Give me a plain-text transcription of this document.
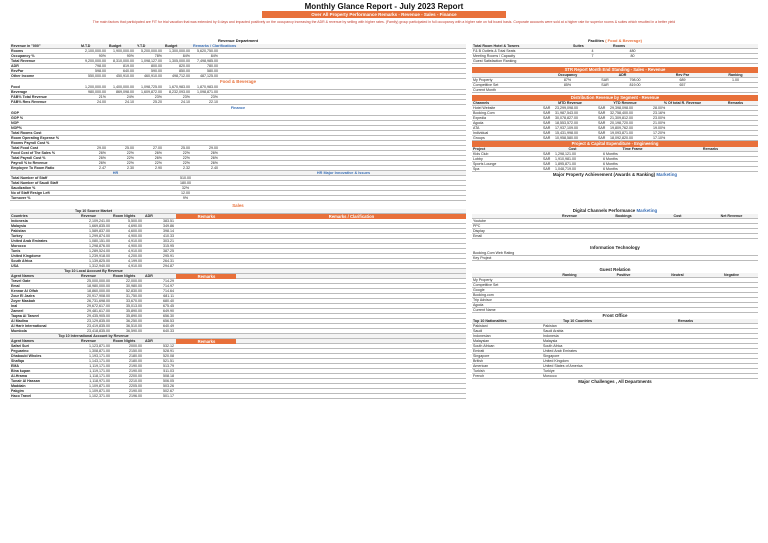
Monthly Glance Report - July 2023 Report
Over All Property Performance Remarks - Revenue - Sales - Finance
The main factors that participated are FIT for trial vacation that was extended by 6 days and impacted positively on the occupancy increasing the ADR & revenue by selling with higher rates. (Family) group participated in full occupancy with a higher rate on full board basis. Corporate accounts were sold at a higher rate for superior rooms & suites which resulted in a better yield
Revenue Department	Facilites ( Food & Beverage)
Revenue in "000"	M.T.D	Budget	Y.T.D	Budget	Remarks / Clarifications
Rooms	2,100,000.00	1,900,000.00	5,200,000.00	1,300,000.00	5,620,750.00
Occupancy %	90%	90%	78%	84%	84%
Total Revenue	9,200,000.00	8,310,000.00	1,098,127.00	1,305,000.00	7,498,985.00
ADR	798.00	819.00	800.00	820.00	780.00
RevPar	598.00	640.00	590.00	850.00	580.00
Other Income	550,000.00	450,910.00	460,910.00	498,712.00	487,125.00
Food & Beverage
Food	1,200,000.00	1,400,000.00	1,098,725.00	1,670,983.00	1,870,983.00
Beverage	980,000.00	869,098.00	1,609,872.00	8,232,093.00	1,098,871.00
F&B% Total Revenue	21%	24%	23%	23%	23%
F&B% Rms Revenue	24.00	24.10	25.20	24.10	22.10
Finance
GOP
GOP %
NOP
NOP%
Total Rooms Cost
Room Operating Expense %
Rooms Payroll Cost %
Total Food Cost	29.00	25.00	27.00	25.00	29.00
Food Cost of The Sales %	26%	22%	26%	22%	26%
Total Payroll Cost %	26%	22%	26%	22%	26%
Payroll % to Revenue	26%	22%	22%	22%	26%
Employee To Room Ratio	2.47	2.30	2.90	2.32	2.40
HR	HR Major Innovative & Issues
Total Number of Staff	510.00
Total Number of Saudi Staff	180.00
Saudization %	32%
No of Staff Resign Left	12.00
Turnover %	9%
Sales
Top 10 Source Market
Countries	Revenue	Room Nights	ADR	Remarks	Remarks / Clarification
Indonesia	2,109,241.00	5,500.00	383.51
Malaysia	1,669,835.00	4,690.00	349.86
Pakistan	1,589,837.00	4,600.00	398.14
Turkey	1,299,874.00	4,900.00	410.33
United Arab Emirates	1,080,151.00	4,910.00	303.21
Morocco	1,298,876.00	4,900.00	315.95
Tunis	1,289,524.00	4,910.00	387.25
United Kingdome	1,239,918.00	4,200.00	295.91
South Africa	1,139,825.00	4,199.00	264.31
USA	1,312,940.00	4,910.00	294.87
Top 10 Local Account By Revenue
Agent Names	Revenue	Room Nights	ADR	Remarks
Travel Gate	25,000,000.00	22,000.00	714.29
Emal	18,980,000.00	30,980.00	714.97
Kennar Al Olfah	18,860,000.00	52,830.00	714.64
Zour El Jazira	20,917,908.00	31,750.00	681.11
Zoyer Masbah	26,731,698.00	33,670.00	680.40
Inal	29,672,617.00	35,013.00	675.45
Zameel	29,481,617.00	35,890.00	649.90
Taqwa Al Taweel	29,435,905.00	35,890.00	656.30
Al Madina	23,129,835.00	36,250.00	656.53
Al Harir International	23,419,835.00	36,510.00	640.49
Mumbola	23,418,835.00	36,590.00	640.33
Top 10 International Account by Revenue
Agent Names	Revenue	Room Nights	ADR	Remarks
Safari Suri	1,123,871.00	2000.00	532.12
Peguarino	1,308,871.00	2150.00	528.91
Dhaboubi Wholes	1,193,171.00	2180.00	520.08
Shafiqa	1,143,171.00	2180.00	521.51
EMA	1,119,171.00	2190.00	513.79
Bina kupan	1,119,171.00	2190.00	511.03
Al-Hrama	1,118,171.00	2200.00	508.18
Tunair Al Hassan	1,118,971.00	2210.00	506.05
Maddain	1,109,871.00	2205.00	503.26
Pakgim	1,109,871.00	2190.00	502.67
Haco Travel	1,102,371.00	2196.00	501.17
Total Room Hotel & Towers	Suites	Rooms
F& B Outlets & Total Seats	4	480
Meeting Rooms / Capacity	7	80
Guest Satisfaction Ranking
STR Report Month End Standing - Sales - Revenue
Occupancy	ADR	Rev Par	Ranking
My Property	87%	SAR	798.00	689	1.00
Competitive Set	85%	SAR	819.00	657
Current Month
Distribution Revenue by Segment - Revenue
Channels	MTD Revenue	YTD Revenue	% Of total R. Revenue	Remarks
Hotel Website	SAR	23,299,098.00	SAR	29,398,098.00	28.00%
Booking.Com	SAR	31,987,543.00	SAR	32,758,400.00	23.16%
Expedia	SAR	30,078,827.00	SAR	21,309,812.00	23.00%
Agoda	SAR	18,553,572.00	SAR	20,198,720.00	21.00%
ATA	SAR	17,937,109.00	SAR	19,809,762.00	19.00%
Individual	SAR	15,431,998.00	SAR	19,093,871.00	17.20%
Groups	SAR	10,958,580.00	SAR	18,092,820.00	17.10%
Project & Capital Expenditure - Engineering
Project	Cost	Time Frame	Remarks
Kids Club	SAR	1,298,121.00	6 Months
Lobby	SAR	1,910,981.00	6 Months
Sports Lounge	SAR	1,895,871.00	6 Months
Spa	SAR	1,048,719.00	6 Months
Major Property Achievement (Awards & Ranking) Marketing
Digital Channels Performance Marketing
Revenue	Bookings	Cost	Net Revenue
Youtube
PPC
Display
Email
Information Technology
Booking.Com Web Rating
Key Project
Guest Relation
Ranking	Positive	Neutral	Negative
My Property
Competitive Set
Google
Booking.com
Trip Advisor
Agoda
Current Name
Front Office
Top 10 Nationalities	Top 10 Countries	Remarks
Pakistani	Pakistan
Saudi	Saudi Arabia
Indonesian	Indonesia
Malaysian	Malaysia
South African	South Africa
Emirati	United Arab Emirates
Singapore	Singapore
British	United Kingdom
American	United States of America
Turkish	Turkiye
French	Morocco
Major Challenges , All Departments
